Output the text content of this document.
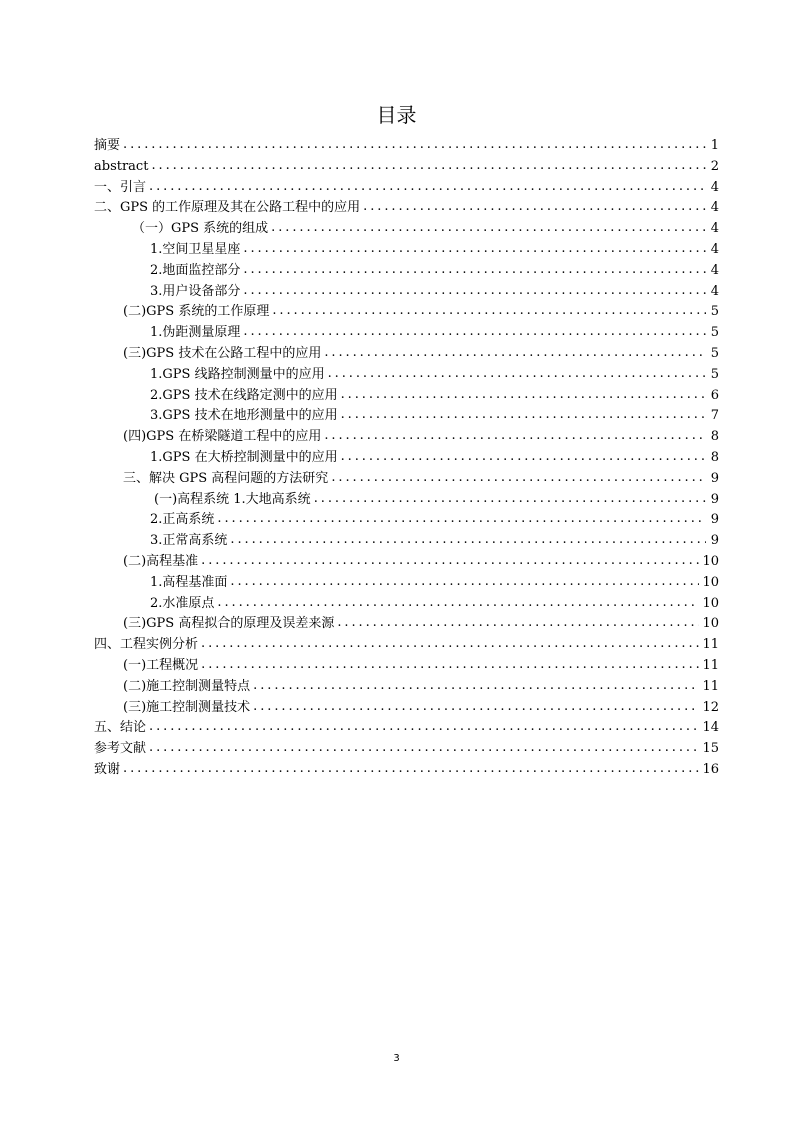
目录
摘要 . . .	1
abstract . . .	2
一、引言 . . .	4
二、GPS 的工作原理及其在公路工程中的应用 . . .	4
（一）GPS 系统的组成 . . .	4
1.空间卫星星座 . . .	4
2.地面监控部分 . . .	4
3.用户设备部分 . . .	4
(二)GPS 系统的工作原理 . . .	5
1.伪距测量原理 . . .	5
(三)GPS 技术在公路工程中的应用 . . .	5
1.GPS 线路控制测量中的应用 . . .	5
2.GPS 技术在线路定测中的应用 . . .	6
3.GPS 技术在地形测量中的应用 . . .	7
(四)GPS 在桥梁隧道工程中的应用 . . .	8
1.GPS 在大桥控制测量中的应用 . . .	8
三、解决 GPS 高程问题的方法研究 . . .	9
(一)高程系统 1.大地高系统 . . .	9
2.正高系统 . . .	9
3.正常高系统 . . .	9
(二)高程基准 . . .	10
1.高程基准面 . . .	10
2.水准原点 . . .	10
(三)GPS 高程拟合的原理及误差来源 . . .	10
四、工程实例分析 . . .	11
(一)工程概况 . . .	11
(二)施工控制测量特点 . . .	11
(三)施工控制测量技术 . . .	12
五、结论 . . .	14
参考文献 . . .	15
致谢 . . .	16
3
